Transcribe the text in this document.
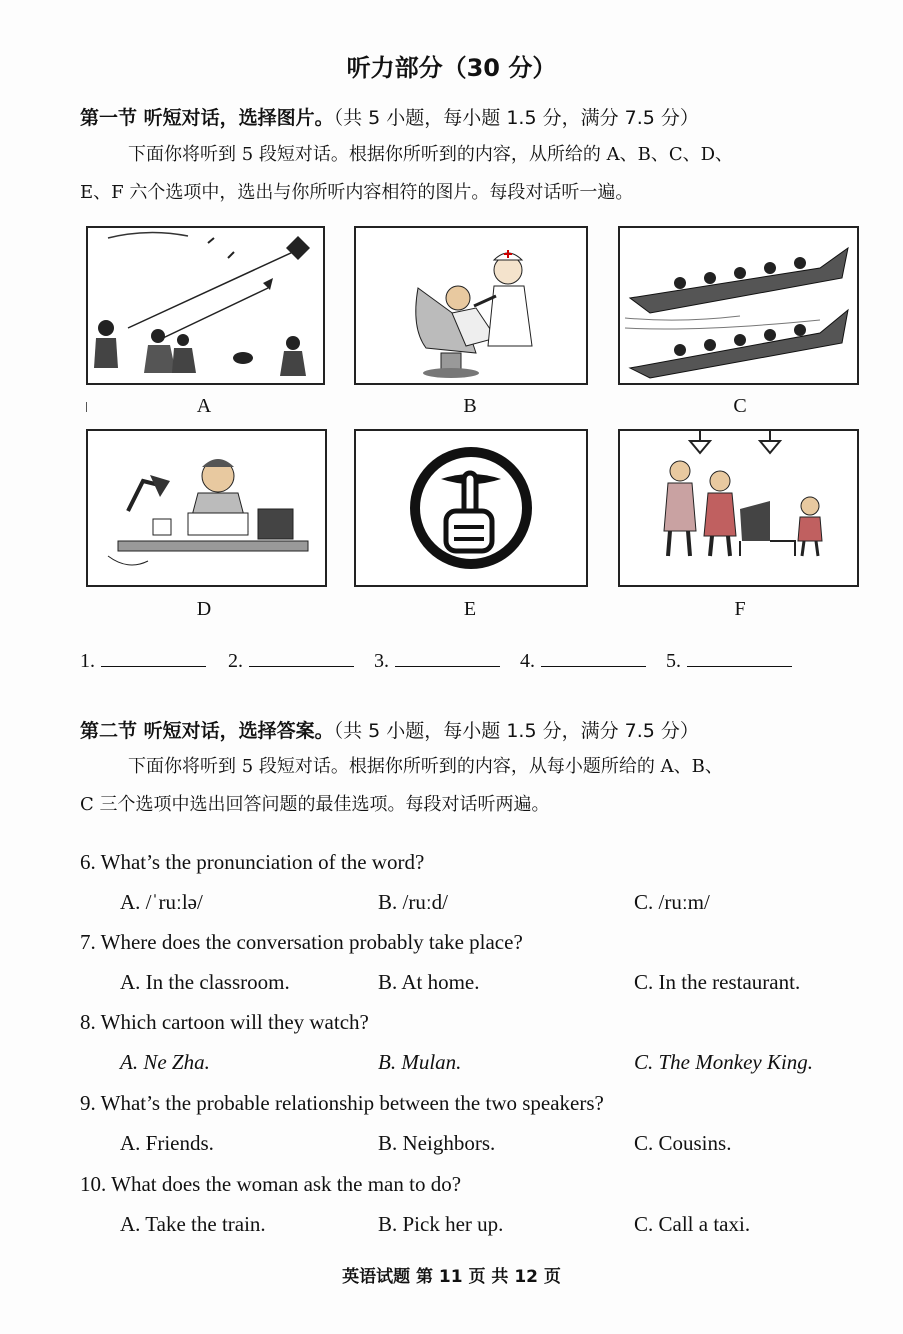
听力部分（30 分）
第一节 听短对话，选择图片。（共 5 小题，每小题 1.5 分，满分 7.5 分）
下面你将听到 5 段短对话。根据你所听到的内容，从所给的 A、B、C、D、
E、F 六个选项中，选出与你所听内容相符的图片。每段对话听一遍。
A	B	C
D	E	F
1.	2.	3.	4.	5.
第二节 听短对话，选择答案。（共 5 小题，每小题 1.5 分，满分 7.5 分）
下面你将听到 5 段短对话。根据你所听到的内容，从每小题所给的 A、B、
C 三个选项中选出回答问题的最佳选项。每段对话听两遍。
6. What’s the pronunciation of the word?
A. /ˈruːlə/	B. /ruːd/	C. /ruːm/
7. Where does the conversation probably take place?
A. In the classroom.	B. At home.	C. In the restaurant.
8. Which cartoon will they watch?
A. Ne Zha.	B. Mulan.	C. The Monkey King.
9. What’s the probable relationship between the two speakers?
A. Friends.	B. Neighbors.	C. Cousins.
10. What does the woman ask the man to do?
A. Take the train.	B. Pick her up.	C. Call a taxi.
英语试题 第 11 页 共 12 页
